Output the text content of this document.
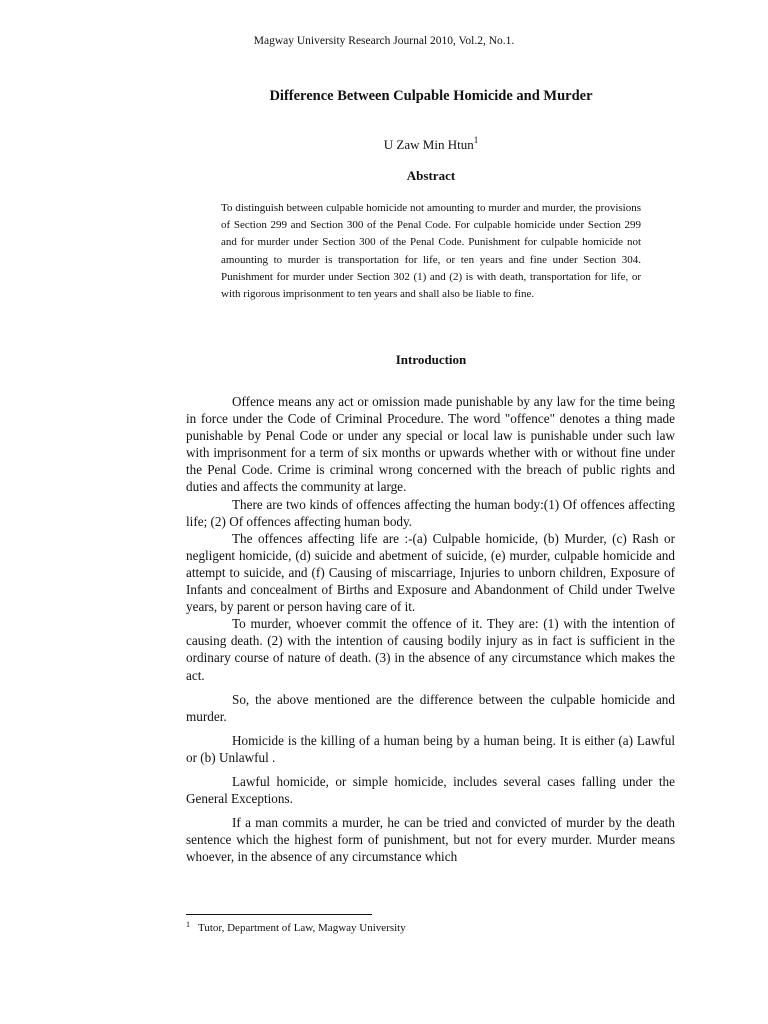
Magway University Research Journal 2010, Vol.2, No.1.
Difference Between Culpable Homicide and Murder
U Zaw Min Htun$^1$
Abstract

To distinguish between culpable homicide not amounting to murder and murder, the provisions of Section 299 and Section 300 of the Penal Code. For culpable homicide under Section 299 and for murder under Section 300 of the Penal Code. Punishment for culpable homicide not amounting to murder is transportation for life, or ten years and fine under Section 304. Punishment for murder under Section 302 (1) and (2) is with death, transportation for life, or with rigorous imprisonment to ten years and shall also be liable to fine.

Introduction

Offence means any act or omission made punishable by any law for the time being in force under the Code of Criminal Procedure. The word "offence" denotes a thing made punishable by Penal Code or under any special or local law is punishable under such law with imprisonment for a term of six months or upwards whether with or without fine under the Penal Code. Crime is criminal wrong concerned with the breach of public rights and duties and affects the community at large.

There are two kinds of offences affecting the human body:(1) Of offences affecting life; (2) Of offences affecting human body.

The offences affecting life are :-(a) Culpable homicide, (b) Murder, (c) Rash or negligent homicide, (d) suicide and abetment of suicide, (e) murder, culpable homicide and attempt to suicide, and (f) Causing of miscarriage, Injuries to unborn children, Exposure of Infants and concealment of Births and Exposure and Abandonment of Child under Twelve years, by parent or person having care of it.

To murder, whoever commit the offence of it. They are: (1) with the intention of causing death. (2) with the intention of causing bodily injury as in fact is sufficient in the ordinary course of nature of death. (3) in the absence of any circumstance which makes the act.

So, the above mentioned are the difference between the culpable homicide and murder.

Homicide is the killing of a human being by a human being. It is either (a) Lawful or (b) Unlawful .

Lawful homicide, or simple homicide, includes several cases falling under the General Exceptions.

If a man commits a murder, he can be tried and convicted of murder by the death sentence which the highest form of punishment, but not for every murder. Murder means whoever, in the absence of any circumstance which

$^1$ Tutor, Department of Law, Magway University
